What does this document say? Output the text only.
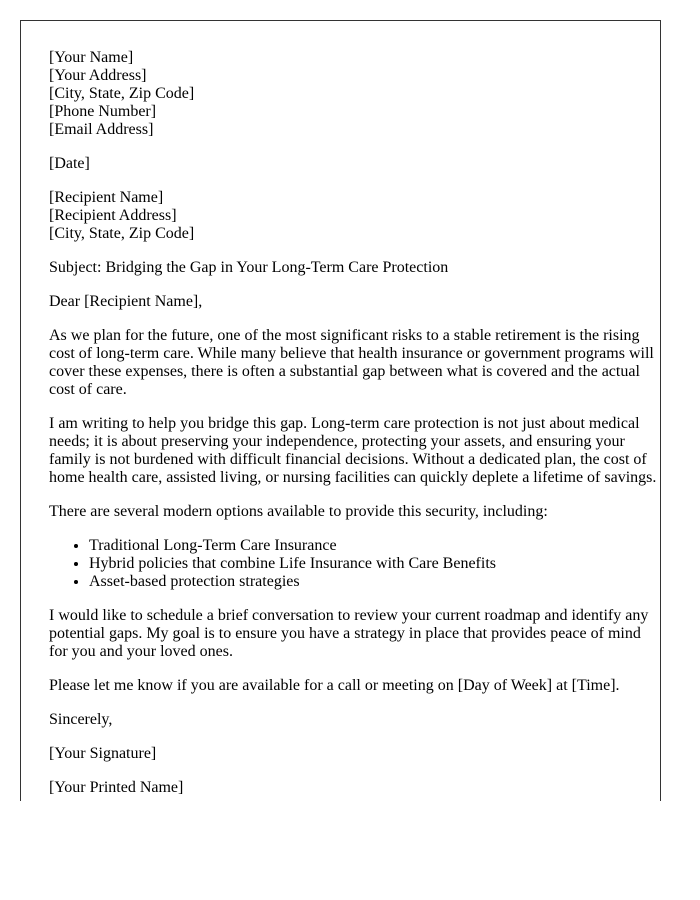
[Your Name]
[Your Address]
[City, State, Zip Code]
[Phone Number]
[Email Address]

[Date]

[Recipient Name]
[Recipient Address]
[City, State, Zip Code]

Subject: Bridging the Gap in Your Long-Term Care Protection

Dear [Recipient Name],

As we plan for the future, one of the most significant risks to a stable retirement is the rising cost of long-term care. While many believe that health insurance or government programs will cover these expenses, there is often a substantial gap between what is covered and the actual cost of care.

I am writing to help you bridge this gap. Long-term care protection is not just about medical needs; it is about preserving your independence, protecting your assets, and ensuring your family is not burdened with difficult financial decisions. Without a dedicated plan, the cost of home health care, assisted living, or nursing facilities can quickly deplete a lifetime of savings.

There are several modern options available to provide this security, including:

• Traditional Long-Term Care Insurance
• Hybrid policies that combine Life Insurance with Care Benefits
• Asset-based protection strategies

I would like to schedule a brief conversation to review your current roadmap and identify any potential gaps. My goal is to ensure you have a strategy in place that provides peace of mind for you and your loved ones.

Please let me know if you are available for a call or meeting on [Day of Week] at [Time].

Sincerely,

[Your Signature]

[Your Printed Name]
